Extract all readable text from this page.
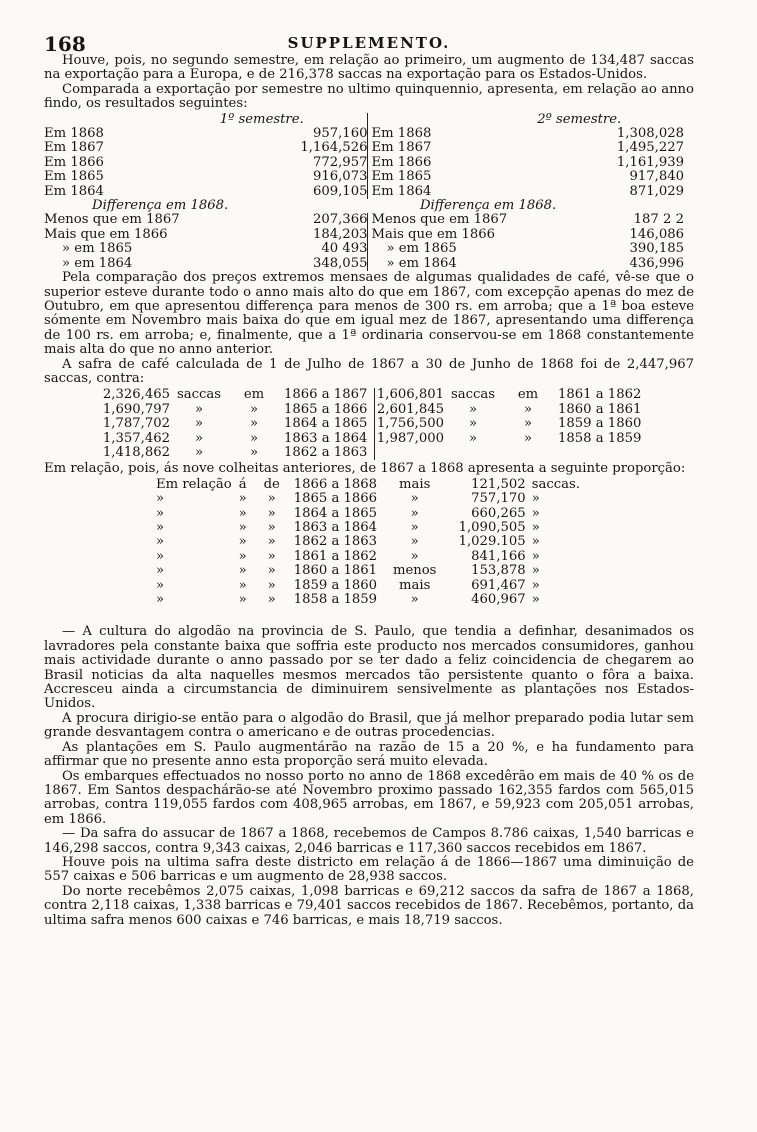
168	SUPPLEMENTO.

Houve, pois, no segundo semestre, em relação ao primeiro, um augmento de 134,487 saccas na exportação para a Europa, e de 216,378 saccas na exportação para os Estados-Unidos.

Comparada a exportação por semestre no ultimo quinquennio, apresenta, em relação ao anno findo, os resultados seguintes:

	1º semestre.		2º semestre.
Em 1868	957,160	Em 1868	1,308,028
Em 1867	1,164,526	Em 1867	1,495,227
Em 1866	772,957	Em 1866	1,161,939
Em 1865	916,073	Em 1865	917,840
Em 1864	609,105	Em 1864	871,029
Differença em 1868.		Differença em 1868.	
Menos que em 1867	207,366	Menos que em 1867	187 2 2
Mais que em 1866	184,203	Mais que em 1866	146,086
» em 1865	40 493	» em 1865	390,185
» em 1864	348,055	» em 1864	436,996

Pela comparação dos preços extremos mensaes de algumas qualidades de café, vê-se que o superior esteve durante todo o anno mais alto do que em 1867, com excepção apenas do mez de Outubro, em que apresentou differença para menos de 300 rs. em arroba; que a 1ª boa esteve sómente em Novembro mais baixa do que em igual mez de 1867, apresentando uma differença de 100 rs. em arroba; e, finalmente, que a 1ª ordinaria conservou-se em 1868 constantemente mais alta do que no anno anterior.

A safra de café calculada de 1 de Julho de 1867 a 30 de Junho de 1868 foi de 2,447,967 saccas, contra:

2,326,465	saccas	em	1866 a 1867	1,606,801	saccas	em	1861 a 1862
1,690,797	»	»	1865 a 1866	2,601,845	»	»	1860 a 1861
1,787,702	»	»	1864 a 1865	1,756,500	»	»	1859 a 1860
1,357,462	»	»	1863 a 1864	1,987,000	»	»	1858 a 1859
1,418,862	»	»	1862 a 1863				

Em relação, pois, ás nove colheitas anteriores, de 1867 a 1868 apresenta a seguinte proporção:

Em relação	á	de	1866 a 1868	mais	121,502	saccas.
»	»	»	1865 a 1866	»	757,170	»
»	»	»	1864 a 1865	»	660,265	»
»	»	»	1863 a 1864	»	1,090,505	»
»	»	»	1862 a 1863	»	1,029.105	»
»	»	»	1861 a 1862	»	841,166	»
»	»	»	1860 a 1861	menos	153,878	»
»	»	»	1859 a 1860	mais	691,467	»
»	»	»	1858 a 1859	»	460,967	»

— A cultura do algodão na provincia de S. Paulo, que tendia a definhar, desanimados os lavradores pela constante baixa que soffria este producto nos mercados consumidores, ganhou mais actividade durante o anno passado por se ter dado a feliz coincidencia de chegarem ao Brasil noticias da alta naquelles mesmos mercados tão persistente quanto o fôra a baixa. Accresceu ainda a circumstancia de diminuirem sensivelmente as plantações nos Estados-Unidos.

A procura dirigio-se então para o algodão do Brasil, que já melhor preparado podia lutar sem grande desvantagem contra o americano e de outras procedencias.

As plantações em S. Paulo augmentárão na razão de 15 a 20 %, e ha fundamento para affirmar que no presente anno esta proporção será muito elevada.

Os embarques effectuados no nosso porto no anno de 1868 excedêrão em mais de 40 % os de 1867. Em Santos despachárão-se até Novembro proximo passado 162,355 fardos com 565,015 arrobas, contra 119,055 fardos com 408,965 arrobas, em 1867, e 59,923 com 205,051 arrobas, em 1866.

— Da safra do assucar de 1867 a 1868, recebemos de Campos 8.786 caixas, 1,540 barricas e 146,298 saccos, contra 9,343 caixas, 2,046 barricas e 117,360 saccos recebidos em 1867.

Houve pois na ultima safra deste districto em relação á de 1866—1867 uma diminuição de 557 caixas e 506 barricas e um augmento de 28,938 saccos.

Do norte recebêmos 2,075 caixas, 1,098 barricas e 69,212 saccos da safra de 1867 a 1868, contra 2,118 caixas, 1,338 barricas e 79,401 saccos recebidos de 1867. Recebêmos, portanto, da ultima safra menos 600 caixas e 746 barricas, e mais 18,719 saccos.
